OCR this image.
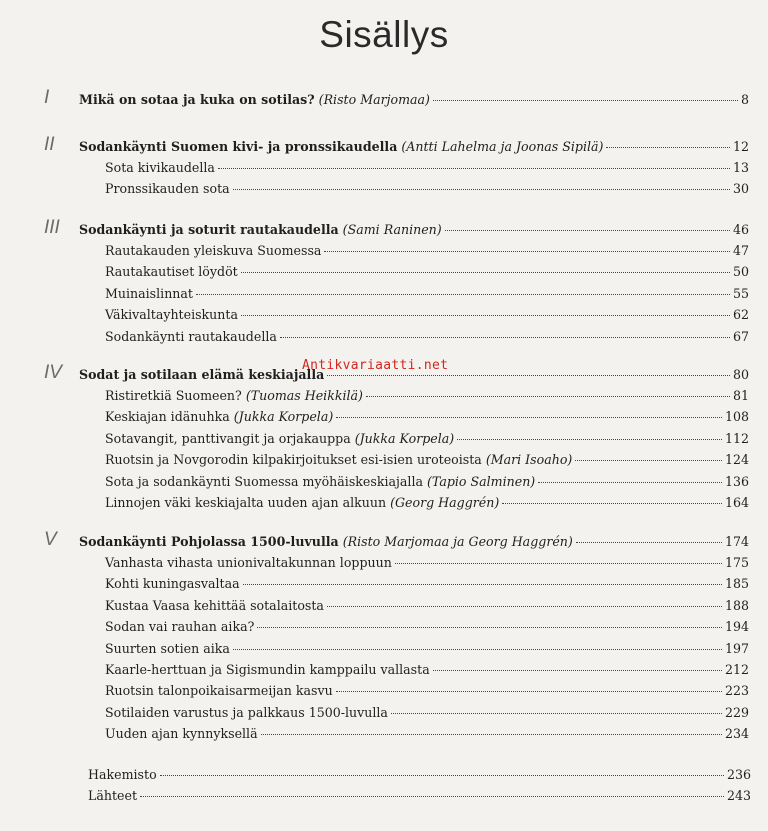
Sisällys
I	Mikä on sotaa ja kuka on sotilas? (Risto Marjomaa)	8
II	Sodankäynti Suomen kivi- ja pronssikaudella (Antti Lahelma ja Joonas Sipilä)	12
Sota kivikaudella	13
Pronssikauden sota	30
III	Sodankäynti ja soturit rautakaudella (Sami Raninen)	46
Rautakauden yleiskuva Suomessa	47
Rautakautiset löydöt	50
Muinaislinnat	55
Väkivaltayhteiskunta	62
Sodankäynti rautakaudella	67
IV	Sodat ja sotilaan elämä keskiajalla	80
Ristiretkiä Suomeen? (Tuomas Heikkilä)	81
Keskiajan idänuhka (Jukka Korpela)	108
Sotavangit, panttivangit ja orjakauppa (Jukka Korpela)	112
Ruotsin ja Novgorodin kilpakirjoitukset esi-isien uroteoista (Mari Isoaho)	124
Sota ja sodankäynti Suomessa myöhäiskeskiajalla (Tapio Salminen)	136
Linnojen väki keskiajalta uuden ajan alkuun (Georg Haggrén)	164
V	Sodankäynti Pohjolassa 1500-luvulla (Risto Marjomaa ja Georg Haggrén)	174
Vanhasta vihasta unionivaltakunnan loppuun	175
Kohti kuningasvaltaa	185
Kustaa Vaasa kehittää sotalaitosta	188
Sodan vai rauhan aika?	194
Suurten sotien aika	197
Kaarle-herttuan ja Sigismundin kamppailu vallasta	212
Ruotsin talonpoikaisarmeijan kasvu	223
Sotilaiden varustus ja palkkaus 1500-luvulla	229
Uuden ajan kynnyksellä	234
Hakemisto	236
Lähteet	243
Antikvariaatti.net
